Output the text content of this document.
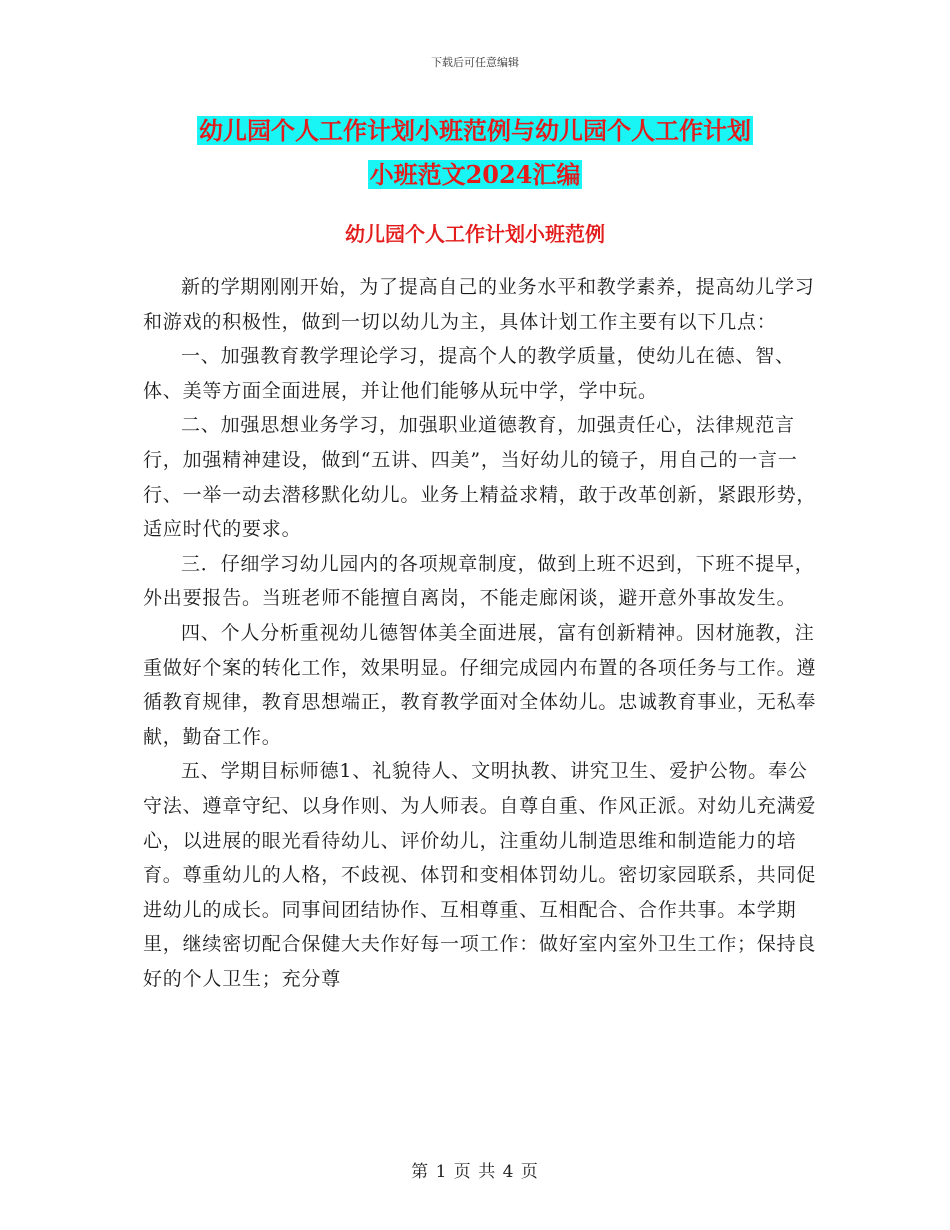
下载后可任意编辑
幼儿园个人工作计划小班范例与幼儿园个人工作计划
小班范文2024汇编
幼儿园个人工作计划小班范例

新的学期刚刚开始，为了提高自己的业务水平和教学素养，提高幼儿学习和游戏的积极性，做到一切以幼儿为主，具体计划工作主要有以下几点：

一、加强教育教学理论学习，提高个人的教学质量，使幼儿在德、智、体、美等方面全面进展，并让他们能够从玩中学，学中玩。

二、加强思想业务学习，加强职业道德教育，加强责任心，法律规范言行，加强精神建设，做到“五讲、四美”，当好幼儿的镜子，用自己的一言一行、一举一动去潜移默化幼儿。业务上精益求精，敢于改革创新，紧跟形势，适应时代的要求。

三．仔细学习幼儿园内的各项规章制度，做到上班不迟到，下班不提早，外出要报告。当班老师不能擅自离岗，不能走廊闲谈，避开意外事故发生。

四、个人分析重视幼儿德智体美全面进展，富有创新精神。因材施教，注重做好个案的转化工作，效果明显。仔细完成园内布置的各项任务与工作。遵循教育规律，教育思想端正，教育教学面对全体幼儿。忠诚教育事业，无私奉献，勤奋工作。

五、学期目标师德1、礼貌待人、文明执教、讲究卫生、爱护公物。奉公守法、遵章守纪、以身作则、为人师表。自尊自重、作风正派。对幼儿充满爱心，以进展的眼光看待幼儿、评价幼儿，注重幼儿制造思维和制造能力的培育。尊重幼儿的人格，不歧视、体罚和变相体罚幼儿。密切家园联系，共同促进幼儿的成长。同事间团结协作、互相尊重、互相配合、合作共事。本学期里，继续密切配合保健大夫作好每一项工作：做好室内室外卫生工作；保持良好的个人卫生；充分尊

第 1 页 共 4 页
